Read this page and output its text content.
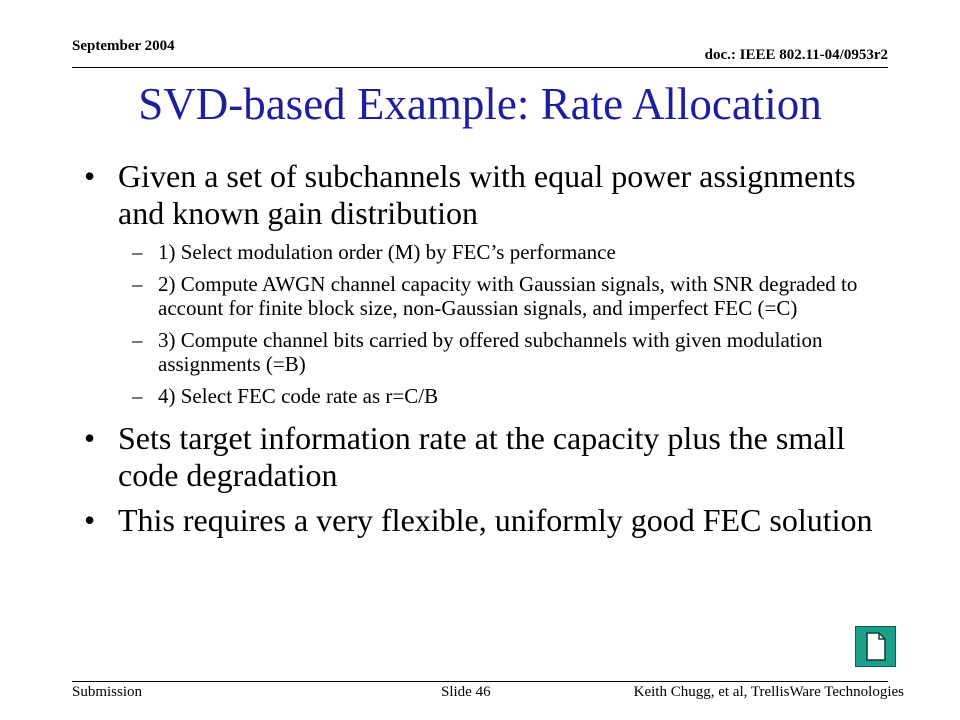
September 2004
doc.: IEEE 802.11-04/0953r2
SVD-based Example: Rate Allocation
• Given a set of subchannels with equal power assignments and known gain distribution
– 1) Select modulation order (M) by FEC’s performance
– 2) Compute AWGN channel capacity with Gaussian signals, with SNR degraded to account for finite block size, non-Gaussian signals, and imperfect FEC (=C)
– 3) Compute channel bits carried by offered subchannels with given modulation assignments (=B)
– 4) Select FEC code rate as r=C/B
• Sets target information rate at the capacity plus the small code degradation
• This requires a very flexible, uniformly good FEC solution
Submission	Slide 46	Keith Chugg, et al, TrellisWare Technologies
